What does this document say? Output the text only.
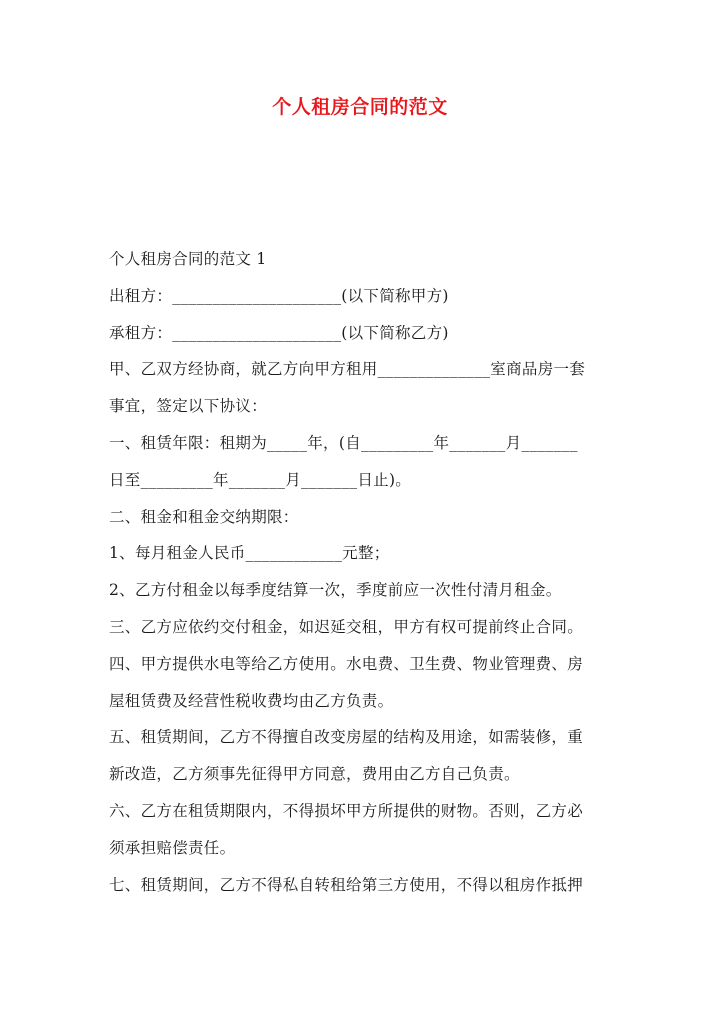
个人租房合同的范文
个人租房合同的范文 1
出租方：_____________________(以下简称甲方)
承租方：_____________________(以下简称乙方)
甲、乙双方经协商，就乙方向甲方租用______________室商品房一套
事宜，签定以下协议：
一、租赁年限：租期为_____年，(自_________年_______月_______
日至_________年_______月_______日止)。
二、租金和租金交纳期限：
1、每月租金人民币____________元整；
2、乙方付租金以每季度结算一次，季度前应一次性付清月租金。
三、乙方应依约交付租金，如迟延交租，甲方有权可提前终止合同。
四、甲方提供水电等给乙方使用。水电费、卫生费、物业管理费、房
屋租赁费及经营性税收费均由乙方负责。
五、租赁期间，乙方不得擅自改变房屋的结构及用途，如需装修，重
新改造，乙方须事先征得甲方同意，费用由乙方自己负责。
六、乙方在租赁期限内，不得损坏甲方所提供的财物。否则，乙方必
须承担赔偿责任。
七、租赁期间，乙方不得私自转租给第三方使用，不得以租房作抵押
